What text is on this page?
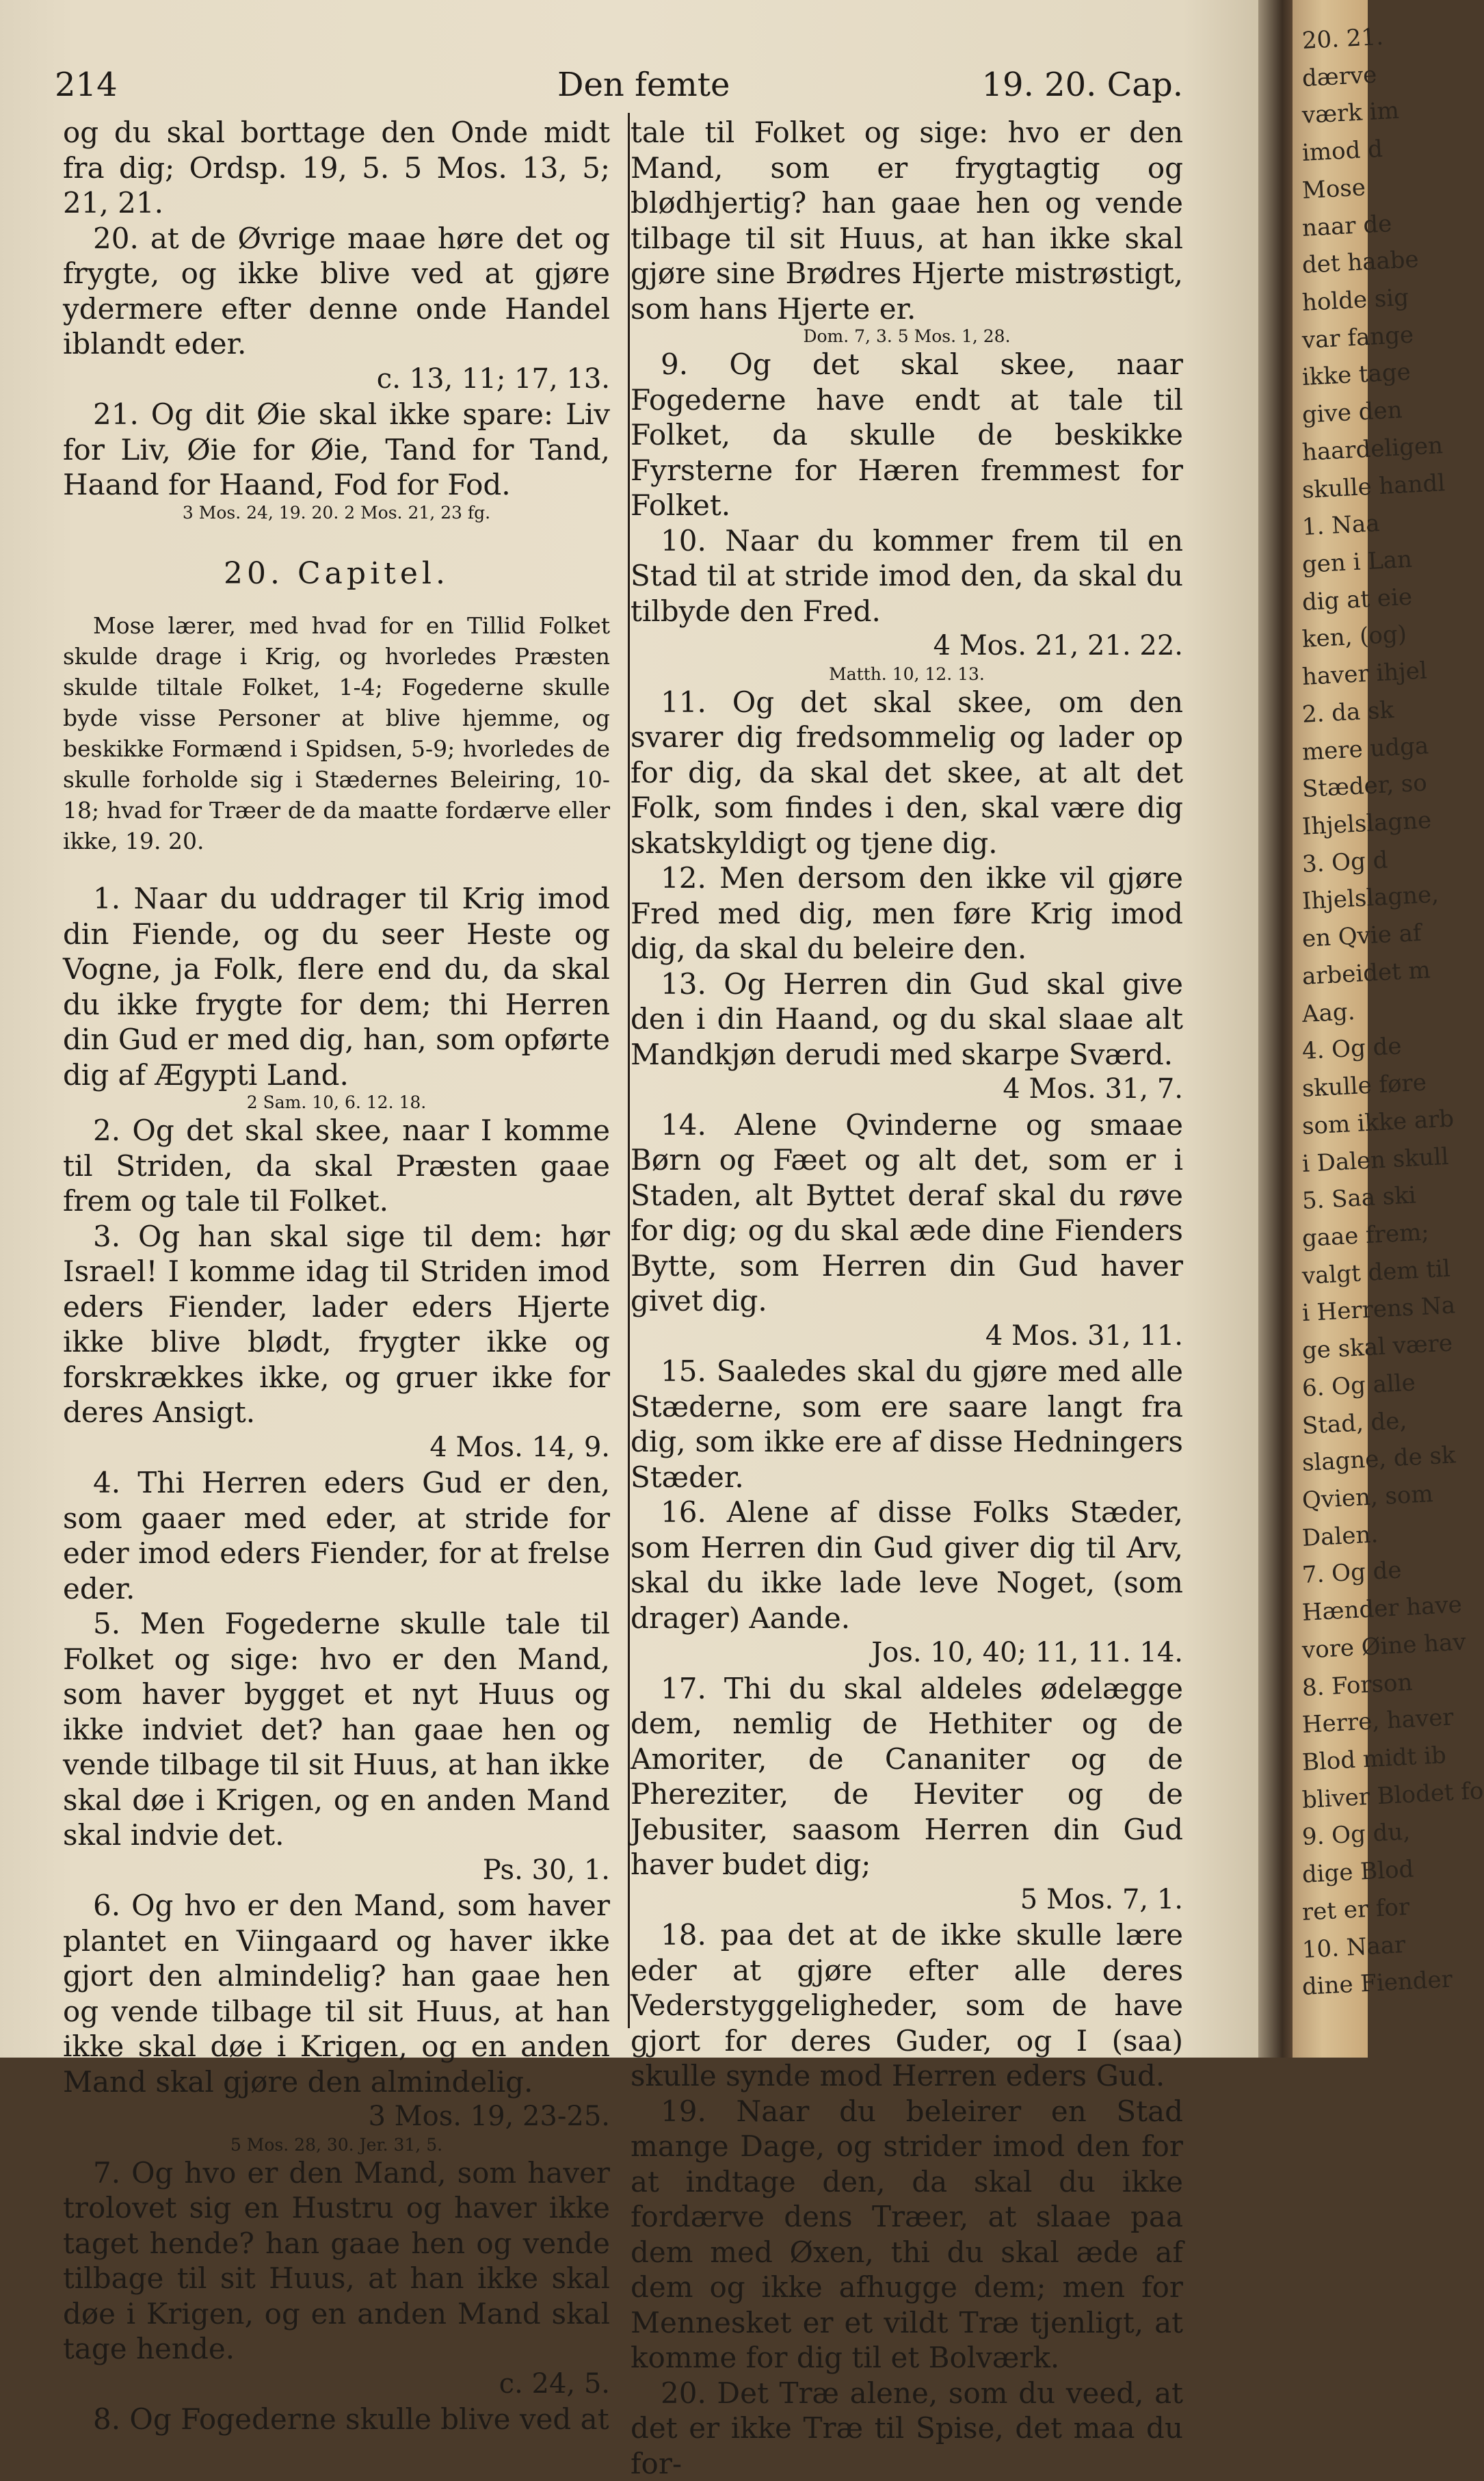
214	Den femte	19. 20. Cap.

og du skal borttage den Onde midt fra dig; Ordsp. 19, 5. 5 Mos. 13, 5; 21, 21.

20. at de Øvrige maae høre det og frygte, og ikke blive ved at gjøre ydermere efter denne onde Handel iblandt eder.

c. 13, 11; 17, 13.

21. Og dit Øie skal ikke spare: Liv for Liv, Øie for Øie, Tand for Tand, Haand for Haand, Fod for Fod.

3 Mos. 24, 19. 20. 2 Mos. 21, 23 fg.

20. Capitel.

Mose lærer, med hvad for en Tillid Folket skulde drage i Krig, og hvorledes Præsten skulde tiltale Folket, 1-4; Fogederne skulle byde visse Personer at blive hjemme, og beskikke Formænd i Spidsen, 5-9; hvorledes de skulle forholde sig i Stædernes Beleiring, 10-18; hvad for Træer de da maatte fordærve eller ikke, 19. 20.

1. Naar du uddrager til Krig imod din Fiende, og du seer Heste og Vogne, ja Folk, flere end du, da skal du ikke frygte for dem; thi Herren din Gud er med dig, han, som opførte dig af Ægypti Land.

2 Sam. 10, 6. 12. 18.

2. Og det skal skee, naar I komme til Striden, da skal Præsten gaae frem og tale til Folket.

3. Og han skal sige til dem: hør Israel! I komme idag til Striden imod eders Fiender, lader eders Hjerte ikke blive blødt, frygter ikke og forskrækkes ikke, og gruer ikke for deres Ansigt.

4 Mos. 14, 9.

4. Thi Herren eders Gud er den, som gaaer med eder, at stride for eder imod eders Fiender, for at frelse eder.

5. Men Fogederne skulle tale til Folket og sige: hvo er den Mand, som haver bygget et nyt Huus og ikke indviet det? han gaae hen og vende tilbage til sit Huus, at han ikke skal døe i Krigen, og en anden Mand skal indvie det.

Ps. 30, 1.

6. Og hvo er den Mand, som haver plantet en Viingaard og haver ikke gjort den almindelig? han gaae hen og vende tilbage til sit Huus, at han ikke skal døe i Krigen, og en anden Mand skal gjøre den almindelig.

3 Mos. 19, 23-25.

5 Mos. 28, 30. Jer. 31, 5.

7. Og hvo er den Mand, som haver trolovet sig en Hustru og haver ikke taget hende? han gaae hen og vende tilbage til sit Huus, at han ikke skal døe i Krigen, og en anden Mand skal tage hende.

c. 24, 5.

8. Og Fogederne skulle blive ved at

tale til Folket og sige: hvo er den Mand, som er frygtagtig og blødhjertig? han gaae hen og vende tilbage til sit Huus, at han ikke skal gjøre sine Brødres Hjerte mistrøstigt, som hans Hjerte er.

Dom. 7, 3. 5 Mos. 1, 28.

9. Og det skal skee, naar Fogederne have endt at tale til Folket, da skulle de beskikke Fyrsterne for Hæren fremmest for Folket.

10. Naar du kommer frem til en Stad til at stride imod den, da skal du tilbyde den Fred.

4 Mos. 21, 21. 22.

Matth. 10, 12. 13.

11. Og det skal skee, om den svarer dig fredsommelig og lader op for dig, da skal det skee, at alt det Folk, som findes i den, skal være dig skatskyldigt og tjene dig.

12. Men dersom den ikke vil gjøre Fred med dig, men føre Krig imod dig, da skal du beleire den.

13. Og Herren din Gud skal give den i din Haand, og du skal slaae alt Mandkjøn derudi med skarpe Sværd.

4 Mos. 31, 7.

14. Alene Qvinderne og smaae Børn og Fæet og alt det, som er i Staden, alt Byttet deraf skal du røve for dig; og du skal æde dine Fienders Bytte, som Herren din Gud haver givet dig.

4 Mos. 31, 11.

15. Saaledes skal du gjøre med alle Stæderne, som ere saare langt fra dig, som ikke ere af disse Hedningers Stæder.

16. Alene af disse Folks Stæder, som Herren din Gud giver dig til Arv, skal du ikke lade leve Noget, (som drager) Aande.

Jos. 10, 40; 11, 11. 14.

17. Thi du skal aldeles ødelægge dem, nemlig de Hethiter og de Amoriter, de Cananiter og de Phereziter, de Heviter og de Jebusiter, saasom Herren din Gud haver budet dig;

5 Mos. 7, 1.

18. paa det at de ikke skulle lære eder at gjøre efter alle deres Vederstyggeligheder, som de have gjort for deres Guder, og I (saa) skulle synde mod Herren eders Gud.

19. Naar du beleirer en Stad mange Dage, og strider imod den for at indtage den, da skal du ikke fordærve dens Træer, at slaae paa dem med Øxen, thi du skal æde af dem og ikke afhugge dem; men for Mennesket er et vildt Træ tjenligt, at komme for dig til et Bolværk.

20. Det Træ alene, som du veed, at det er ikke Træ til Spise, det maa du for-

20. 21.
dærve
værk im
imod d
Mose
naar de
det haabe
holde sig
var fange
ikke tage
give den
haardeligen
skulle handl
1. Naa
gen i Lan
dig at eie
ken, (og)
haver ihjel
2. da sk
mere udga
Stæder, so
Ihjelslagne
3. Og d
Ihjelslagne,
en Qvie af
arbeidet m
Aag.
4. Og de
skulle føre
som ikke arb
i Dalen skull
5. Saa ski
gaae frem;
valgt dem til
i Herrens Na
ge skal være
6. Og alle
Stad, de,
slagne, de sk
Qvien, som
Dalen.
7. Og de
Hænder have
vore Øine hav
8. Forson
Herre, haver
Blod midt ib
bliver Blodet fo
9. Og du,
dige Blod
ret er for
10. Naar
dine Fiender
